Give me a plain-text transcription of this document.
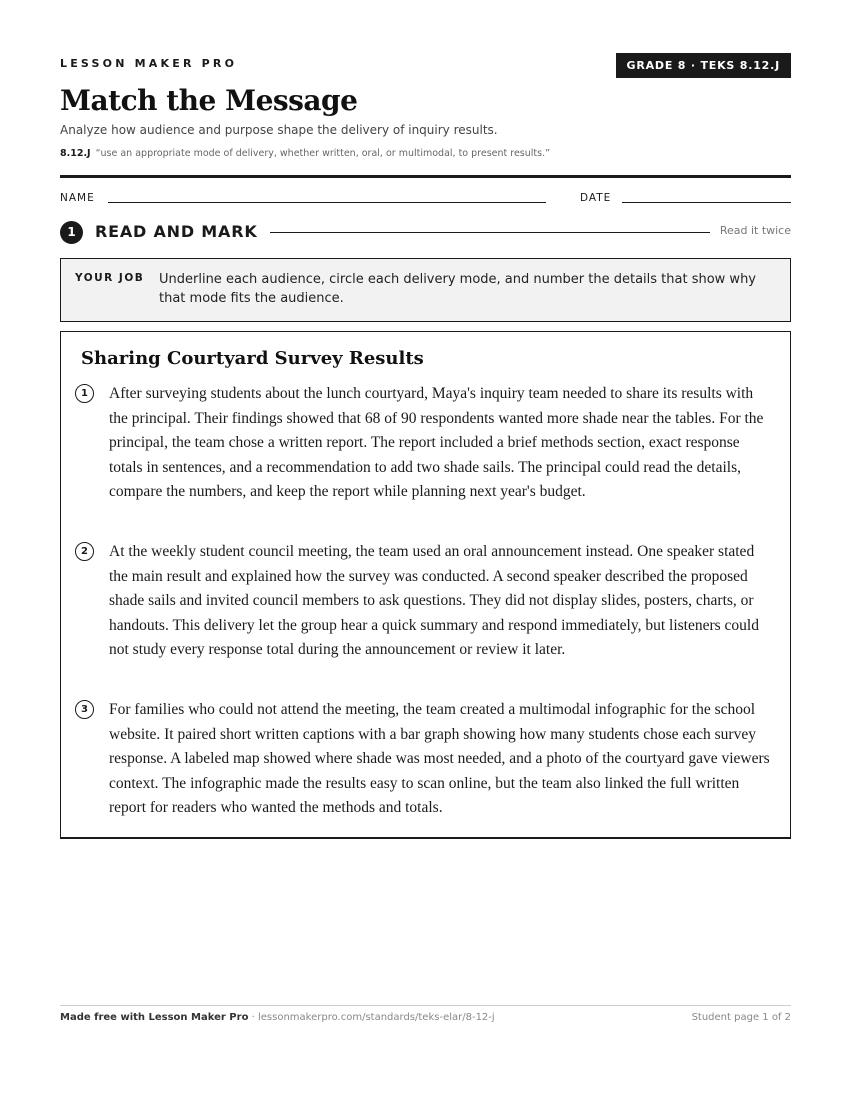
LESSON MAKER PRO	GRADE 8 · TEKS 8.12.J
Match the Message
Analyze how audience and purpose shape the delivery of inquiry results.
8.12.J “use an appropriate mode of delivery, whether written, oral, or multimodal, to present results.”
NAME	DATE
1	READ AND MARK	Read it twice
YOUR JOB Underline each audience, circle each delivery mode, and number the details that show why that mode fits the audience.
Sharing Courtyard Survey Results
1	After surveying students about the lunch courtyard, Maya's inquiry team needed to share its results with the principal. Their findings showed that 68 of 90 respondents wanted more shade near the tables. For the principal, the team chose a written report. The report included a brief methods section, exact response totals in sentences, and a recommendation to add two shade sails. The principal could read the details, compare the numbers, and keep the report while planning next year's budget.
2	At the weekly student council meeting, the team used an oral announcement instead. One speaker stated the main result and explained how the survey was conducted. A second speaker described the proposed shade sails and invited council members to ask questions. They did not display slides, posters, charts, or handouts. This delivery let the group hear a quick summary and respond immediately, but listeners could not study every response total during the announcement or review it later.
3	For families who could not attend the meeting, the team created a multimodal infographic for the school website. It paired short written captions with a bar graph showing how many students chose each survey response. A labeled map showed where shade was most needed, and a photo of the courtyard gave viewers context. The infographic made the results easy to scan online, but the team also linked the full written report for readers who wanted the methods and totals.
Made free with Lesson Maker Pro · lessonmakerpro.com/standards/teks-elar/8-12-j	Student page 1 of 2
